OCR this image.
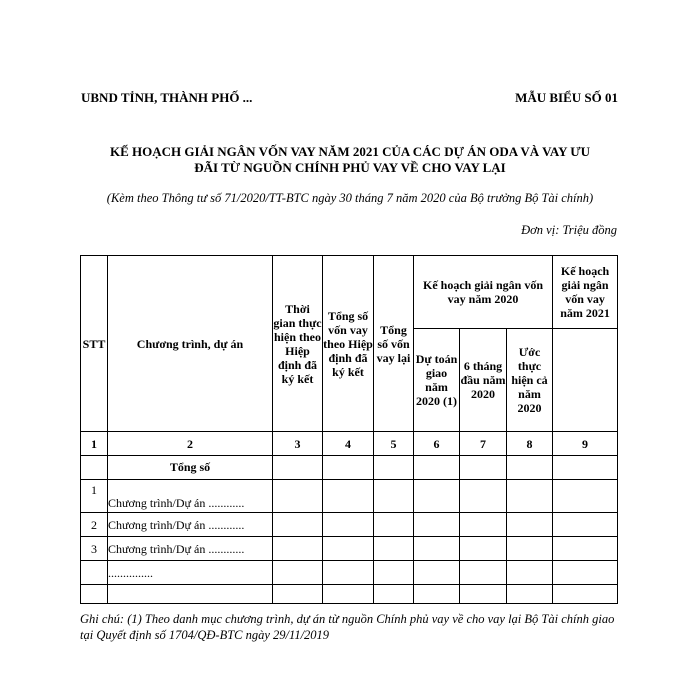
UBND TỈNH, THÀNH PHỐ ...	MẪU BIỂU SỐ 01
KẾ HOẠCH GIẢI NGÂN VỐN VAY NĂM 2021 CỦA CÁC DỰ ÁN ODA VÀ VAY ƯU
ĐÃI TỪ NGUỒN CHÍNH PHỦ VAY VỀ CHO VAY LẠI
(Kèm theo Thông tư số 71/2020/TT-BTC ngày 30 tháng 7 năm 2020 của Bộ trưởng Bộ Tài chính)
Đơn vị: Triệu đồng
STT	Chương trình, dự án	Thời gian thực hiện theo Hiệp định đã ký kết	Tổng số vốn vay theo Hiệp định đã ký kết	Tổng số vốn vay lại	Kế hoạch giải ngân vốn vay năm 2020			Kế hoạch giải ngân vốn vay năm 2021
					Dự toán giao năm 2020 (1)	6 tháng đầu năm 2020	Ước thực hiện cả năm 2020	
1	2	3	4	5	6	7	8	9
	Tổng số							
1	Chương trình/Dự án ............							
2	Chương trình/Dự án ............							
3	Chương trình/Dự án ............							
	...............							

Ghi chú: (1) Theo danh mục chương trình, dự án từ nguồn Chính phủ vay về cho vay lại Bộ Tài chính giao tại Quyết định số 1704/QĐ-BTC ngày 29/11/2019
